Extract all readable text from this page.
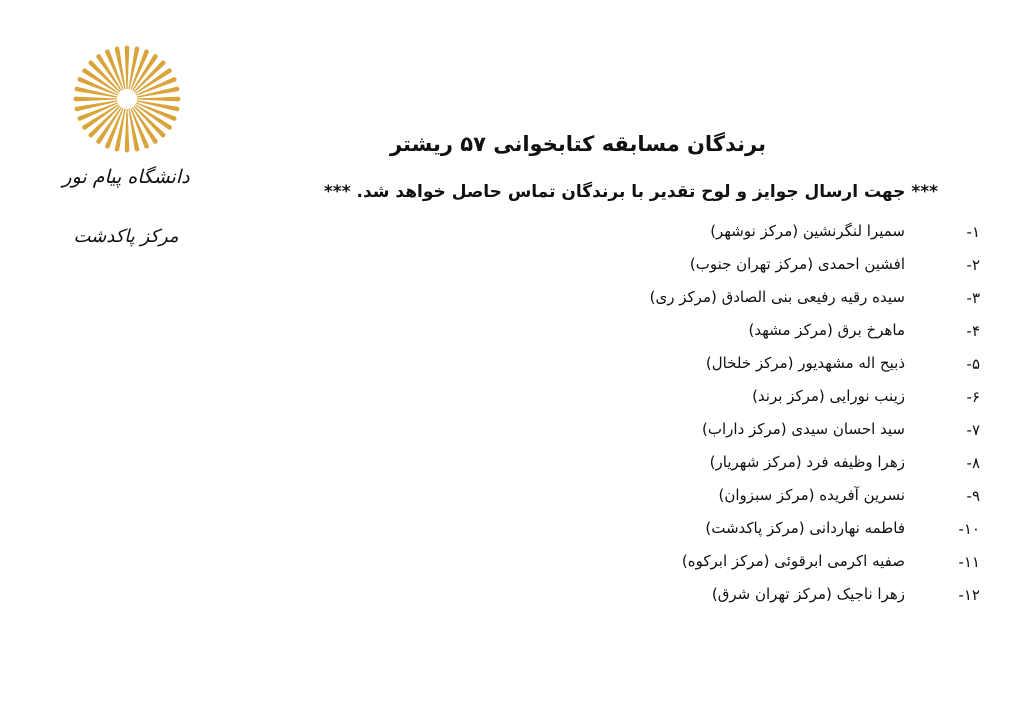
دانشگاه پیام نور
مرکز پاکدشت
برندگان مسابقه کتابخوانی ۵۷ ریشتر
*** جهت ارسال جوایز و لوح تقدیر با برندگان تماس حاصل خواهد شد. ***
۱-
سمیرا لنگرنشین (مرکز نوشهر)
۲-
افشین احمدی (مرکز تهران جنوب)
۳-
سیده رقیه رفیعی بنی الصادق (مرکز ری)
۴-
ماهرخ برق (مرکز مشهد)
۵-
ذبیح اله مشهدیور (مرکز خلخال)
۶-
زینب نورایی (مرکز برند)
۷-
سید احسان سیدی (مرکز داراب)
۸-
زهرا وظیفه فرد (مرکز شهریار)
۹-
نسرین آفریده (مرکز سبزوان)
۱۰-
فاطمه نهاردانی (مرکز پاکدشت)
۱۱-
صفیه اکرمی ابرقوئی (مرکز ابرکوه)
۱۲-
زهرا ناجیک (مرکز تهران شرق)
